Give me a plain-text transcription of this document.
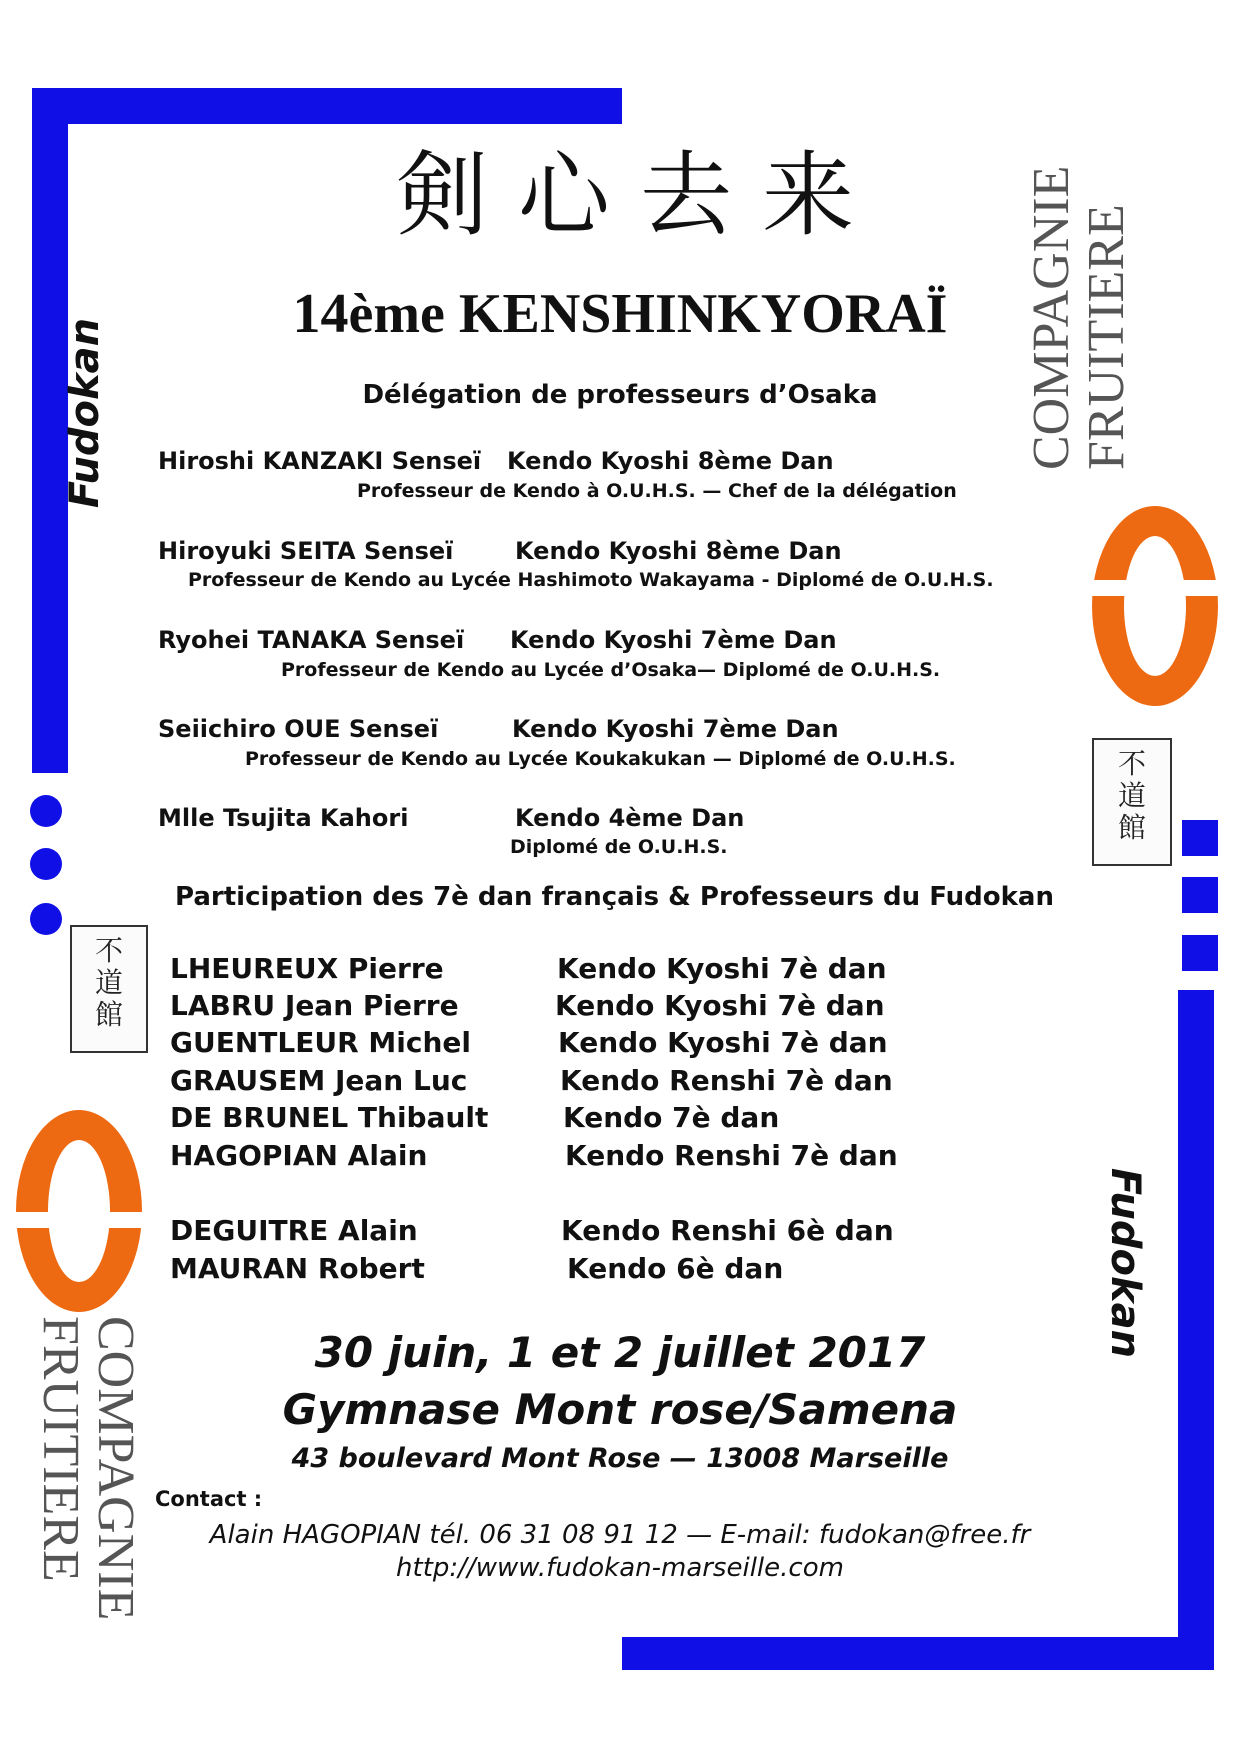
剣心去来
14ème KENSHINKYORAÏ
Délégation de professeurs d’Osaka
Hiroshi KANZAKI Senseï Kendo Kyoshi 8ème Dan
Professeur de Kendo à O.U.H.S. — Chef de la délégation
Hiroyuki SEITA Senseï	Kendo Kyoshi 8ème Dan
Professeur de Kendo au Lycée Hashimoto Wakayama - Diplomé de O.U.H.S.
Ryohei TANAKA Senseï Kendo Kyoshi 7ème Dan
Professeur de Kendo au Lycée d’Osaka— Diplomé de O.U.H.S.
Seiichiro OUE Senseï	Kendo Kyoshi 7ème Dan
Professeur de Kendo au Lycée Koukakukan — Diplomé de O.U.H.S.
Mlle Tsujita Kahori	Kendo 4ème Dan
Diplomé de O.U.H.S.
Participation des 7è dan français & Professeurs du Fudokan
LHEUREUX Pierre	Kendo Kyoshi 7è dan
LABRU Jean Pierre	Kendo Kyoshi 7è dan
GUENTLEUR Michel	Kendo Kyoshi 7è dan
GRAUSEM Jean Luc	Kendo Renshi 7è dan
DE BRUNEL Thibault	Kendo 7è dan
HAGOPIAN Alain	Kendo Renshi 7è dan
DEGUITRE Alain	Kendo Renshi 6è dan
MAURAN Robert	Kendo 6è dan
30 juin, 1 et 2 juillet 2017
Gymnase Mont rose/Samena
43 boulevard Mont Rose — 13008 Marseille
Contact :
Alain HAGOPIAN tél. 06 31 08 91 12 — E-mail: fudokan@free.fr
http://www.fudokan-marseille.com
Fudokan
Fudokan
COMPAGNIE
FRUITIERE
不道館
不道館
COMPAGNIE
FRUITIERE
